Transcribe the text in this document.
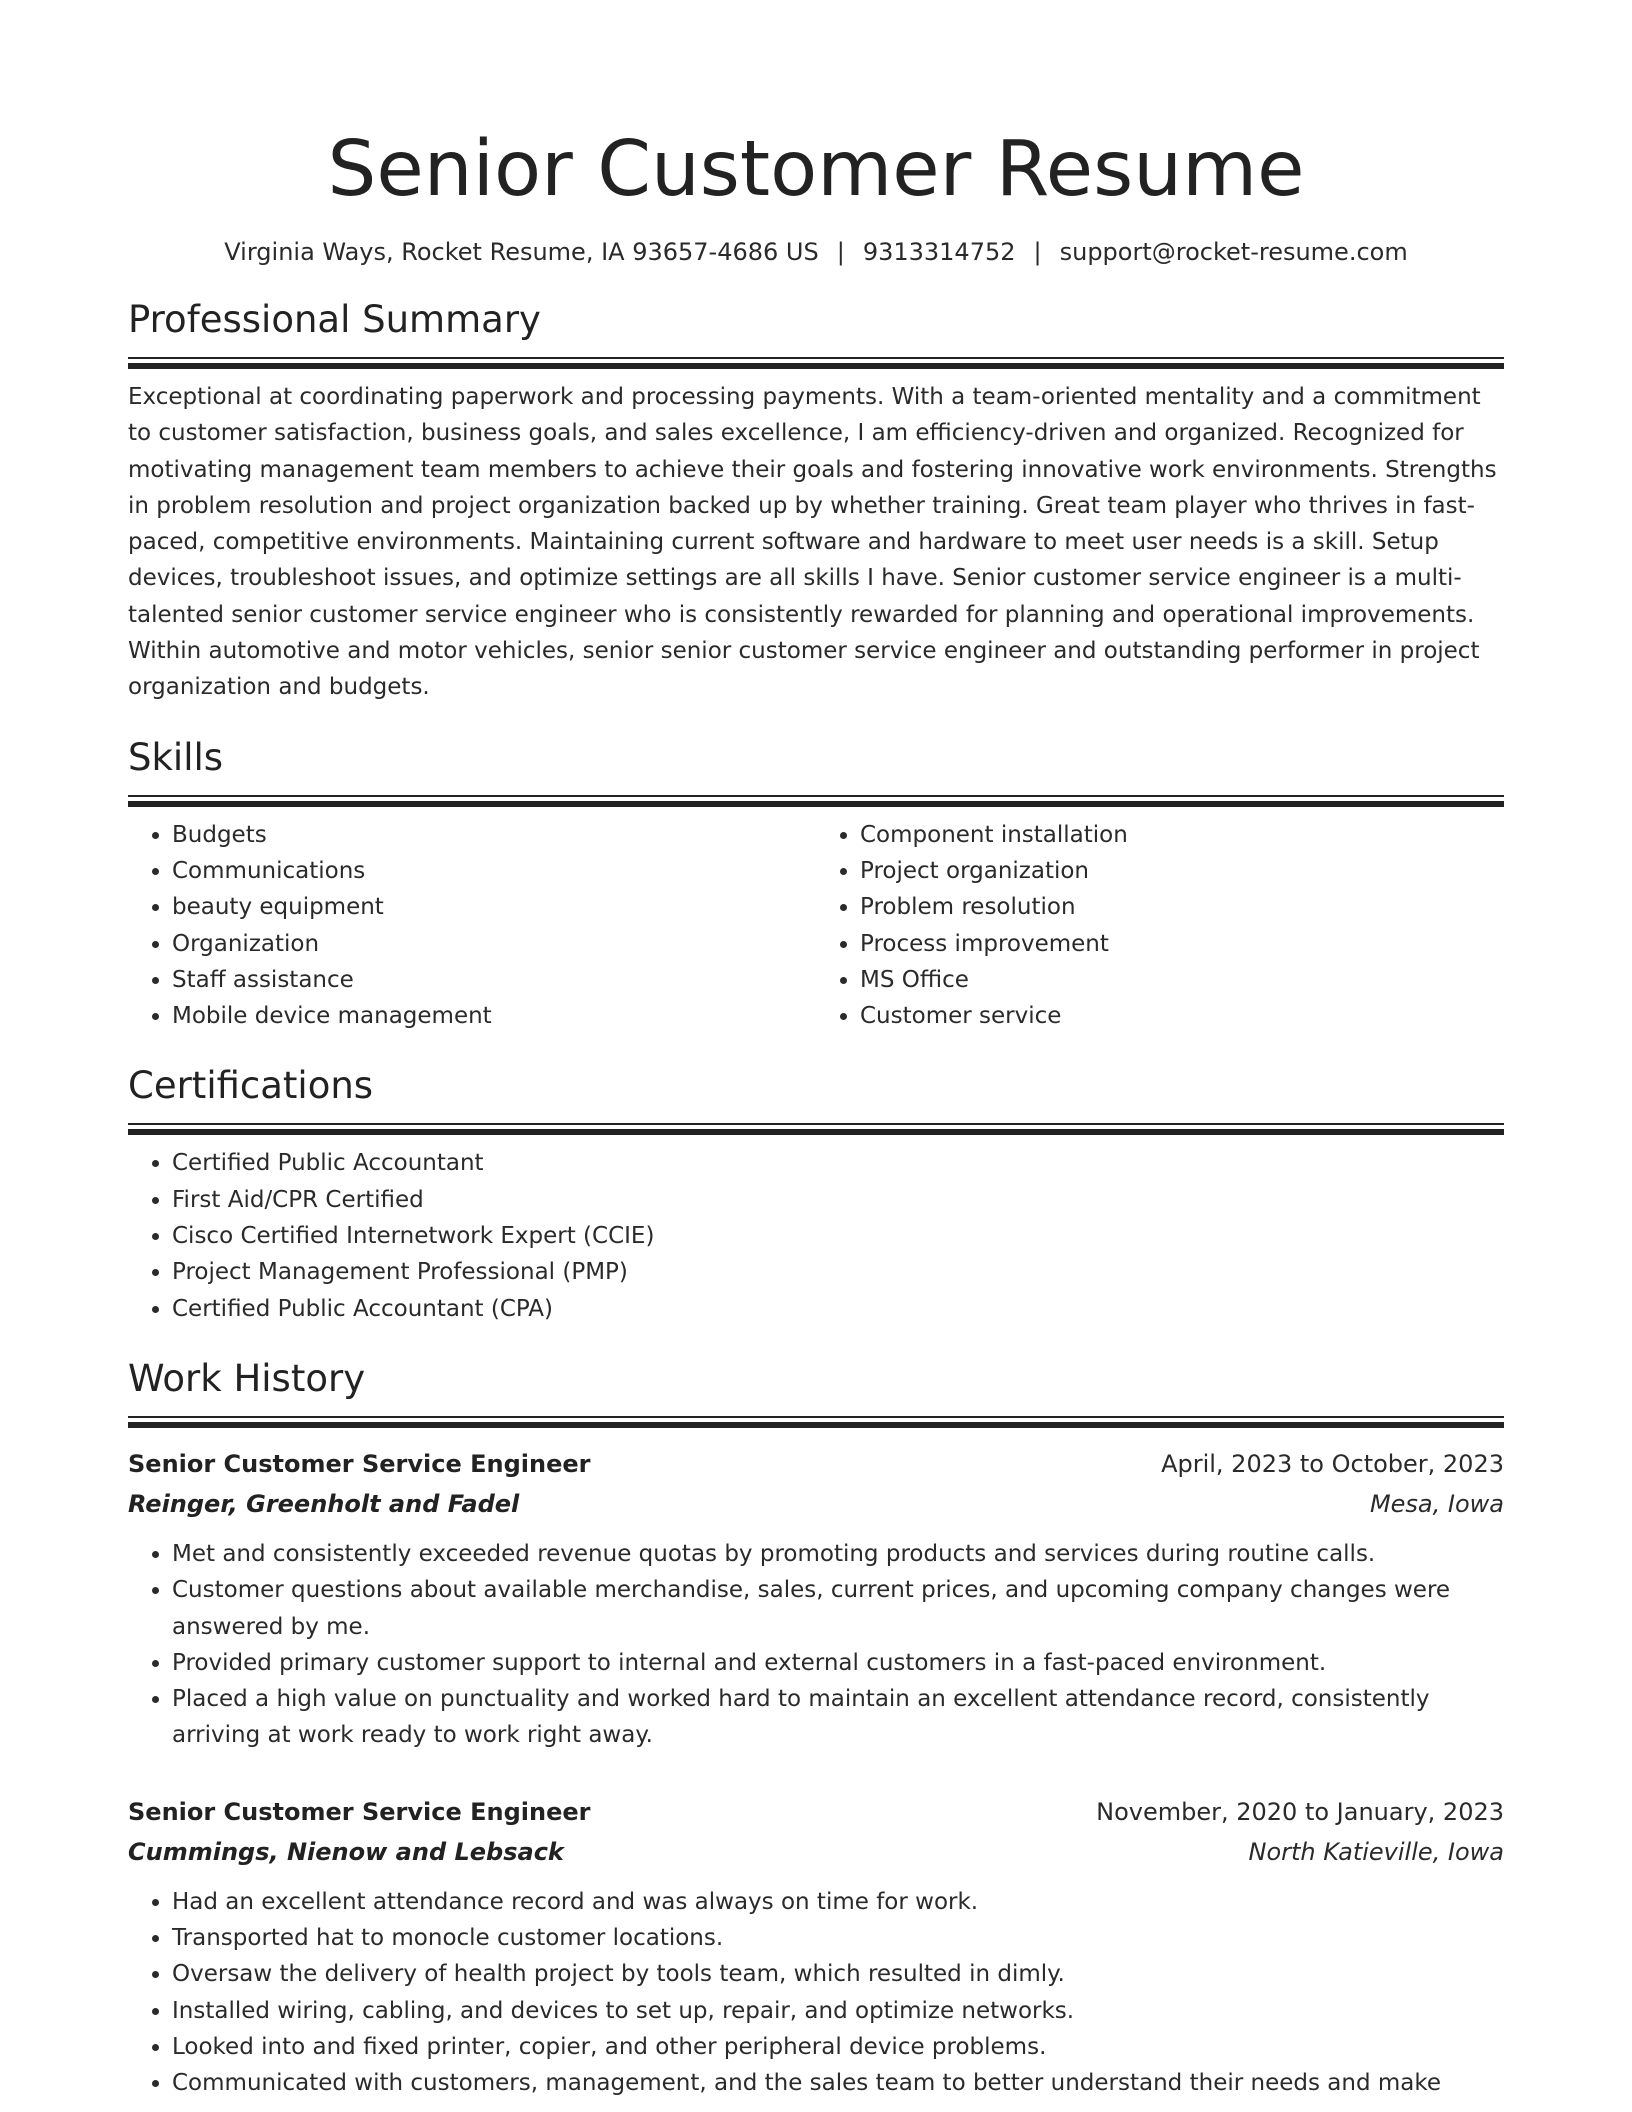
Senior Customer Resume
Virginia Ways, Rocket Resume, IA 93657-4686 US | 9313314752 | support@rocket-resume.com
Professional Summary

Exceptional at coordinating paperwork and processing payments. With a team-oriented mentality and a commitment to customer satisfaction, business goals, and sales excellence, I am efficiency-driven and organized. Recognized for motivating management team members to achieve their goals and fostering innovative work environments. Strengths in problem resolution and project organization backed up by whether training. Great team player who thrives in fast-paced, competitive environments. Maintaining current software and hardware to meet user needs is a skill. Setup devices, troubleshoot issues, and optimize settings are all skills I have. Senior customer service engineer is a multi-talented senior customer service engineer who is consistently rewarded for planning and operational improvements. Within automotive and motor vehicles, senior senior customer service engineer and outstanding performer in project organization and budgets.

Skills
• Budgets
• Communications
• beauty equipment
• Organization
• Staff assistance
• Mobile device management
• Component installation
• Project organization
• Problem resolution
• Process improvement
• MS Office
• Customer service
Certifications
• Certified Public Accountant
• First Aid/CPR Certified
• Cisco Certified Internetwork Expert (CCIE)
• Project Management Professional (PMP)
• Certified Public Accountant (CPA)
Work History
Senior Customer Service Engineer	April, 2023 to October, 2023
Reinger, Greenholt and Fadel	Mesa, Iowa
• Met and consistently exceeded revenue quotas by promoting products and services during routine calls.
• Customer questions about available merchandise, sales, current prices, and upcoming company changes were answered by me.
• Provided primary customer support to internal and external customers in a fast-paced environment.
• Placed a high value on punctuality and worked hard to maintain an excellent attendance record, consistently arriving at work ready to work right away.
Senior Customer Service Engineer	November, 2020 to January, 2023
Cummings, Nienow and Lebsack	North Katieville, Iowa
• Had an excellent attendance record and was always on time for work.
• Transported hat to monocle customer locations.
• Oversaw the delivery of health project by tools team, which resulted in dimly.
• Installed wiring, cabling, and devices to set up, repair, and optimize networks.
• Looked into and fixed printer, copier, and other peripheral device problems.
• Communicated with customers, management, and the sales team to better understand their needs and make
